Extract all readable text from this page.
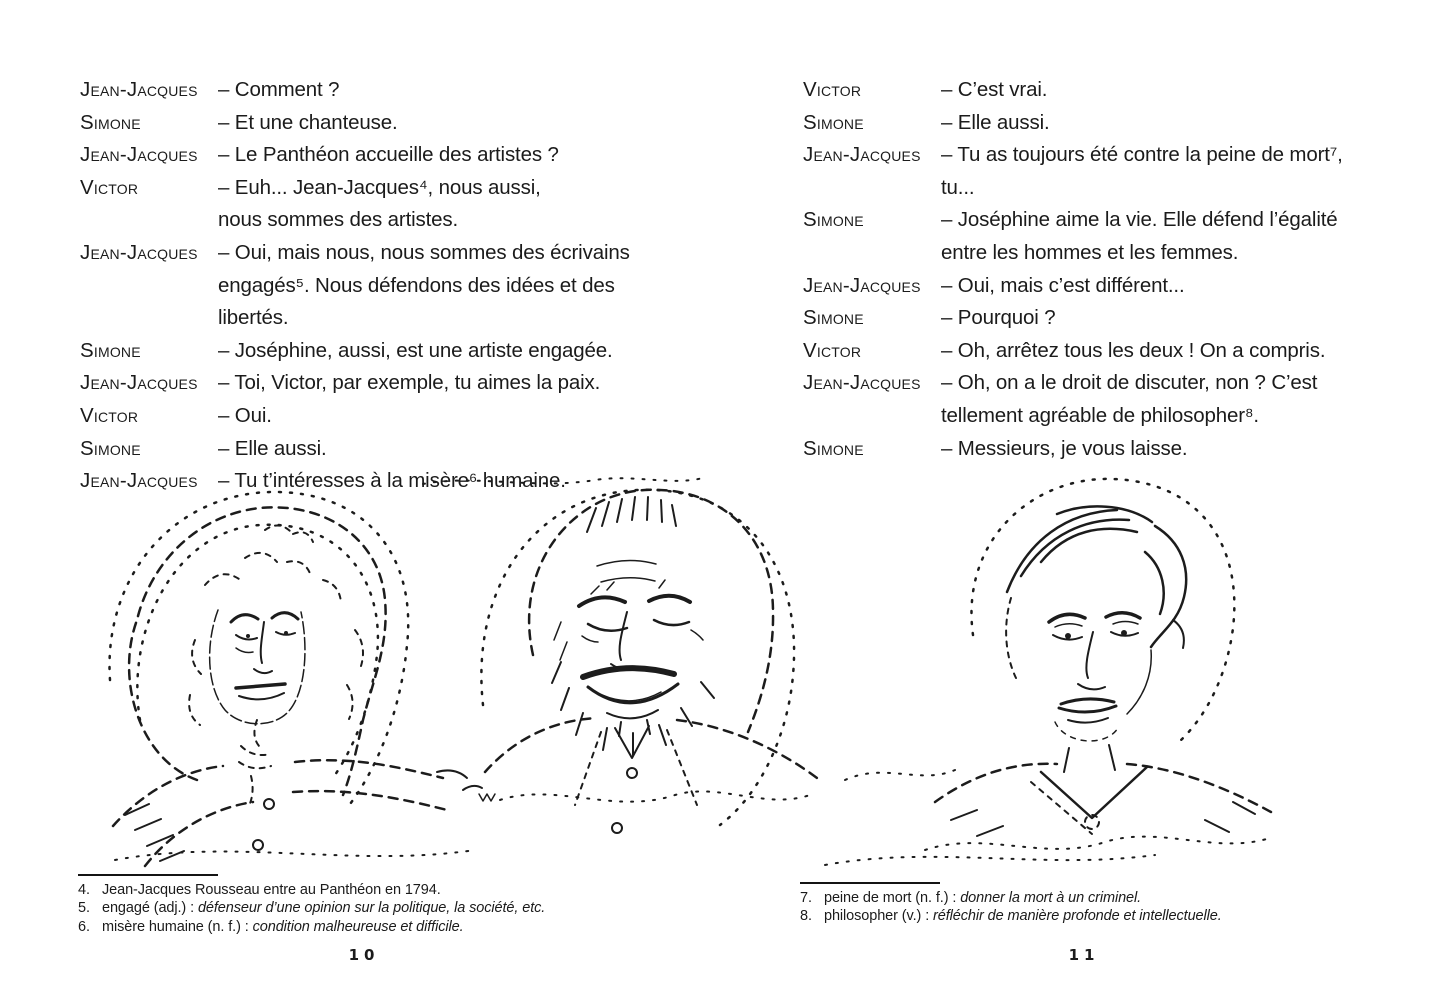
Jean-Jacques – Comment ?
Simone	– Et une chanteuse.
Jean-Jacques – Le Panthéon accueille des artistes ?
Victor	– Euh... Jean-Jacques⁴, nous aussi,
nous sommes des artistes.
Jean-Jacques – Oui, mais nous, nous sommes des écrivains
engagés⁵. Nous défendons des idées et des
libertés.
Simone	– Joséphine, aussi, est une artiste engagée.
Jean-Jacques – Toi, Victor, par exemple, tu aimes la paix.
Victor	– Oui.
Simone	– Elle aussi.
Jean-Jacques – Tu t’intéresses à la misère⁶ humaine.
Victor	– C’est vrai.
Simone	– Elle aussi.
Jean-Jacques – Tu as toujours été contre la peine de mort⁷,
tu...
Simone	– Joséphine aime la vie. Elle défend l’égalité
entre les hommes et les femmes.
Jean-Jacques – Oui, mais c’est différent...
Simone	– Pourquoi ?
Victor	– Oh, arrêtez tous les deux ! On a compris.
Jean-Jacques – Oh, on a le droit de discuter, non ? C’est
tellement agréable de philosopher⁸.
Simone	– Messieurs, je vous laisse.
4. Jean-Jacques Rousseau entre au Panthéon en 1794.
5. engagé (adj.) : défenseur d’une opinion sur la politique, la société, etc.
6. misère humaine (n. f.) : condition malheureuse et difficile.
7. peine de mort (n. f.) : donner la mort à un criminel.
8. philosopher (v.) : réfléchir de manière profonde et intellectuelle.
10	11
